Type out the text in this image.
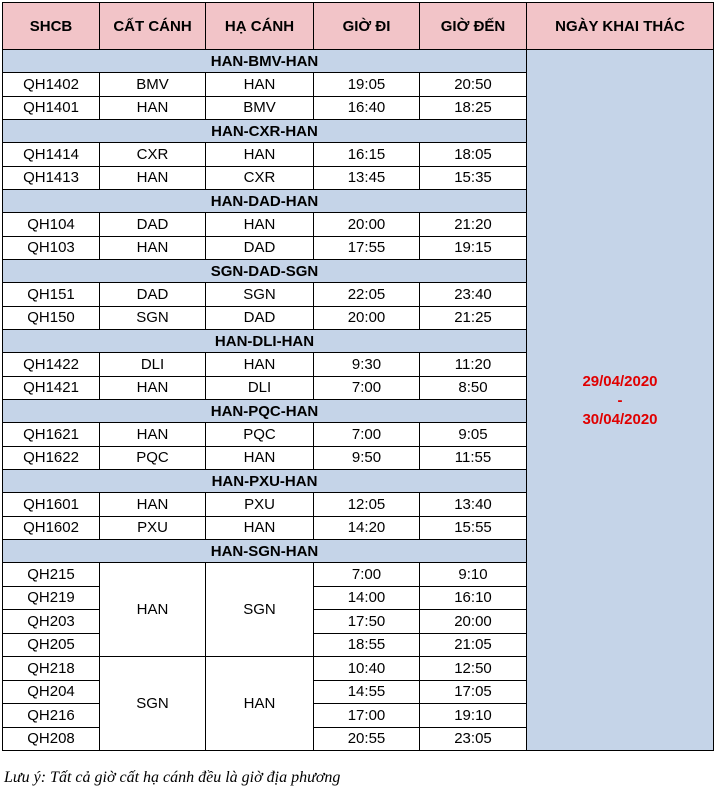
SHCB	CẤT CÁNH	HẠ CÁNH	GIỜ ĐI	GIỜ ĐẾN	NGÀY KHAI THÁC
HAN-BMV-HAN					29/04/2020
-
30/04/2020

QH1402	BMV	HAN	19:05	20:50	
QH1401	HAN	BMV	16:40	18:25	
HAN-CXR-HAN					
QH1414	CXR	HAN	16:15	18:05	
QH1413	HAN	CXR	13:45	15:35	
HAN-DAD-HAN					
QH104	DAD	HAN	20:00	21:20	
QH103	HAN	DAD	17:55	19:15	
SGN-DAD-SGN					
QH151	DAD	SGN	22:05	23:40	
QH150	SGN	DAD	20:00	21:25	
HAN-DLI-HAN					
QH1422	DLI	HAN	9:30	11:20	
QH1421	HAN	DLI	7:00	8:50	
HAN-PQC-HAN					
QH1621	HAN	PQC	7:00	9:05	
QH1622	PQC	HAN	9:50	11:55	
HAN-PXU-HAN					
QH1601	HAN	PXU	12:05	13:40	
QH1602	PXU	HAN	14:20	15:55	
HAN-SGN-HAN					
QH215	HAN	SGN	7:00	9:10	
QH219			14:00	16:10	
QH203			17:50	20:00	
QH205			18:55	21:05	
QH218	SGN	HAN	10:40	12:50	
QH204			14:55	17:05	
QH216			17:00	19:10	
QH208			20:55	23:05	

Lưu ý: Tất cả giờ cất hạ cánh đều là giờ địa phương
